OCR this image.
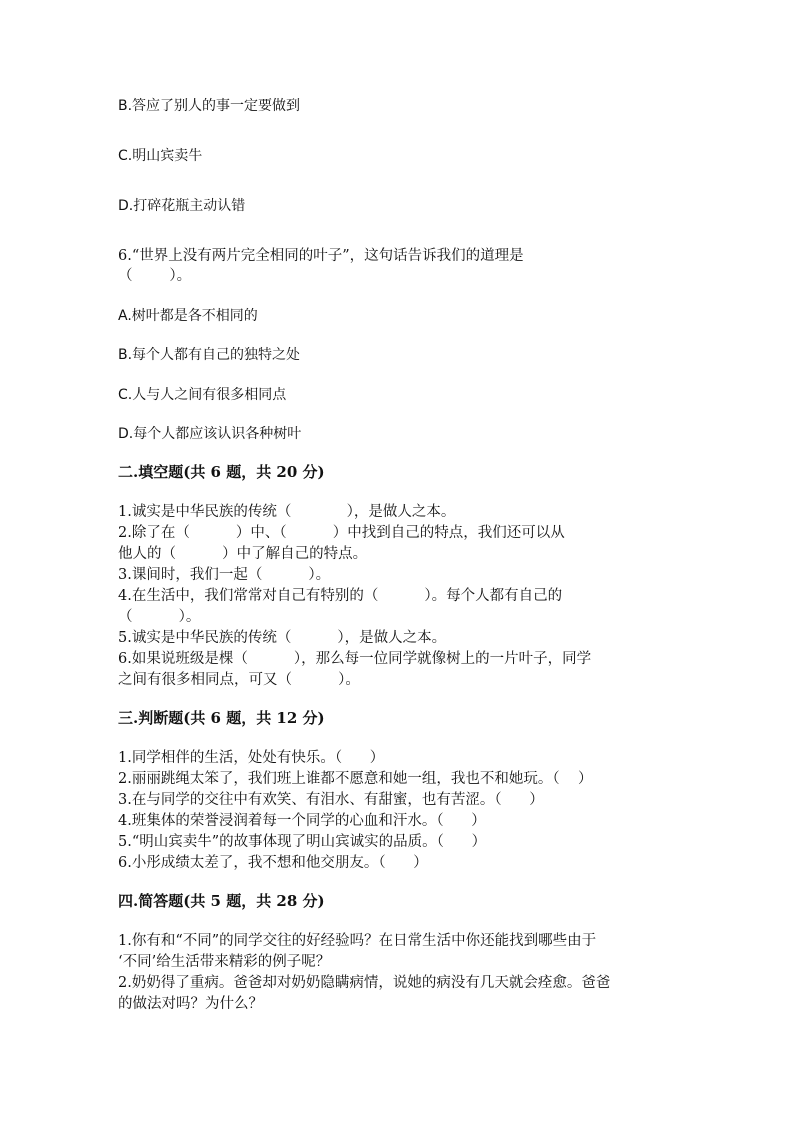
B.答应了别人的事一定要做到

C.明山宾卖牛

D.打碎花瓶主动认错

6.“世界上没有两片完全相同的叶子”，这句话告诉我们的道理是

（        ）。

A.树叶都是各不相同的

B.每个人都有自己的独特之处

C.人与人之间有很多相同点

D.每个人都应该认识各种树叶

二.填空题(共 6 题，共 20 分)

1.诚实是中华民族的传统（            ），是做人之本。

2.除了在（          ）中、（          ）中找到自己的特点，我们还可以从

他人的（          ）中了解自己的特点。

3.课间时，我们一起（          ）。

4.在生活中，我们常常对自己有特别的（          ）。每个人都有自己的

（          ）。

5.诚实是中华民族的传统（          ），是做人之本。

6.如果说班级是棵（          ），那么每一位同学就像树上的一片叶子，同学

之间有很多相同点，可又（          ）。

三.判断题(共 6 题，共 12 分)

1.同学相伴的生活，处处有快乐。（      ）

2.丽丽跳绳太笨了，我们班上谁都不愿意和她一组，我也不和她玩。（    ）

3.在与同学的交往中有欢笑、有泪水、有甜蜜，也有苦涩。（      ）

4.班集体的荣誉浸润着每一个同学的心血和汗水。（      ）

5.“明山宾卖牛”的故事体现了明山宾诚实的品质。（      ）

6.小彤成绩太差了，我不想和他交朋友。（      ）

四.简答题(共 5 题，共 28 分)

1.你有和“不同”的同学交往的好经验吗？在日常生活中你还能找到哪些由于

‘不同’给生活带来精彩的例子呢？

2.奶奶得了重病。爸爸却对奶奶隐瞒病情，说她的病没有几天就会痊愈。爸爸

的做法对吗？为什么？
